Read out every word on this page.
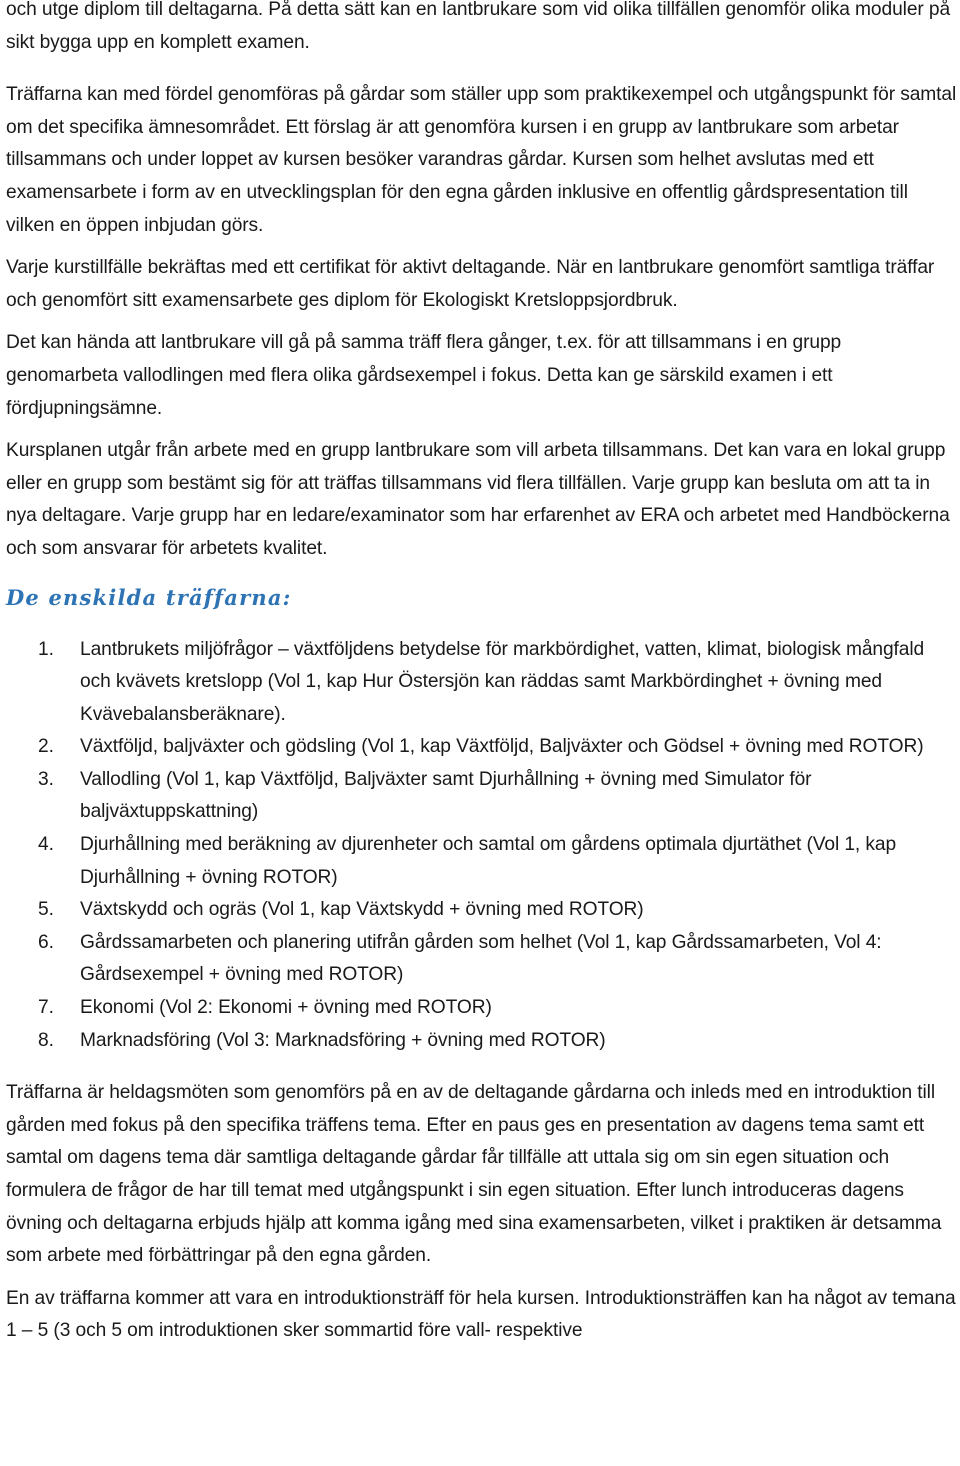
och utge diplom till deltagarna. På detta sätt kan en lantbrukare som vid olika tillfällen genomför olika moduler på sikt bygga upp en komplett examen.

Träffarna kan med fördel genomföras på gårdar som ställer upp som praktikexempel och utgångspunkt för samtal om det specifika ämnesområdet. Ett förslag är att genomföra kursen i en grupp av lantbrukare som arbetar tillsammans och under loppet av kursen besöker varandras gårdar. Kursen som helhet avslutas med ett examensarbete i form av en utvecklingsplan för den egna gården inklusive en offentlig gårdspresentation till vilken en öppen inbjudan görs.

Varje kurstillfälle bekräftas med ett certifikat för aktivt deltagande. När en lantbrukare genomfört samtliga träffar och genomfört sitt examensarbete ges diplom för Ekologiskt Kretsloppsjordbruk.

Det kan hända att lantbrukare vill gå på samma träff flera gånger, t.ex. för att tillsammans i en grupp genomarbeta vallodlingen med flera olika gårdsexempel i fokus. Detta kan ge särskild examen i ett fördjupningsämne.

Kursplanen utgår från arbete med en grupp lantbrukare som vill arbeta tillsammans. Det kan vara en lokal grupp eller en grupp som bestämt sig för att träffas tillsammans vid flera tillfällen. Varje grupp kan besluta om att ta in nya deltagare. Varje grupp har en ledare/examinator som har erfarenhet av ERA och arbetet med Handböckerna och som ansvarar för arbetets kvalitet.

De enskilda träffarna:
1. Lantbrukets miljöfrågor – växtföljdens betydelse för markbördighet, vatten, klimat, biologisk mångfald och kvävets kretslopp (Vol 1, kap Hur Östersjön kan räddas samt Markbördinghet + övning med Kvävebalansberäknare).
2. Växtföljd, baljväxter och gödsling (Vol 1, kap Växtföljd, Baljväxter och Gödsel + övning med ROTOR)
3. Vallodling (Vol 1, kap Växtföljd, Baljväxter samt Djurhållning + övning med Simulator för baljväxtuppskattning)
4. Djurhållning med beräkning av djurenheter och samtal om gårdens optimala djurtäthet (Vol 1, kap Djurhållning + övning ROTOR)
5. Växtskydd och ogräs (Vol 1, kap Växtskydd + övning med ROTOR)
6. Gårdssamarbeten och planering utifrån gården som helhet (Vol 1, kap Gårdssamarbeten, Vol 4: Gårdsexempel + övning med ROTOR)
7. Ekonomi (Vol 2: Ekonomi + övning med ROTOR)
8. Marknadsföring (Vol 3: Marknadsföring + övning med ROTOR)

Träffarna är heldagsmöten som genomförs på en av de deltagande gårdarna och inleds med en introduktion till gården med fokus på den specifika träffens tema. Efter en paus ges en presentation av dagens tema samt ett samtal om dagens tema där samtliga deltagande gårdar får tillfälle att uttala sig om sin egen situation och formulera de frågor de har till temat med utgångspunkt i sin egen situation. Efter lunch introduceras dagens övning och deltagarna erbjuds hjälp att komma igång med sina examensarbeten, vilket i praktiken är detsamma som arbete med förbättringar på den egna gården.

En av träffarna kommer att vara en introduktionsträff för hela kursen. Introduktionsträffen kan ha något av temana 1 – 5 (3 och 5 om introduktionen sker sommartid före vall- respektive
